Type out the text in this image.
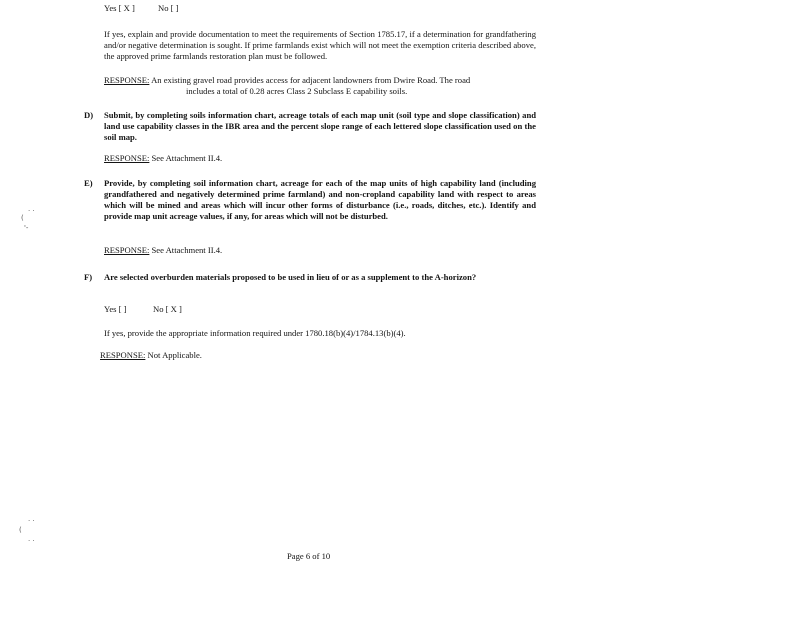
Yes [ X ]	No [ ]
If yes, explain and provide documentation to meet the requirements of Section 1785.17, if a determination for grandfathering and/or negative determination is sought. If prime farmlands exist which will not meet the exemption criteria described above, the approved prime farmlands restoration plan must be followed.
RESPONSE: An existing gravel road provides access for adjacent landowners from Dwire Road. The road
includes a total of 0.28 acres Class 2 Subclass E capability soils.
D) Submit, by completing soils information chart, acreage totals of each map unit (soil type and slope classification) and land use capability classes in the IBR area and the percent slope range of each lettered slope classification used on the soil map.
RESPONSE: See Attachment II.4.
E) Provide, by completing soil information chart, acreage for each of the map units of high capability land (including grandfathered and negatively determined prime farmland) and non-cropland capability land with respect to areas which will be mined and areas which will incur other forms of disturbance (i.e., roads, ditches, etc.). Identify and provide map unit acreage values, if any, for areas which will not be disturbed.
RESPONSE: See Attachment II.4.
F) Are selected overburden materials proposed to be used in lieu of or as a supplement to the A-horizon?
Yes [ ]	No [ X ]
If yes, provide the appropriate information required under 1780.18(b)(4)/1784.13(b)(4).
RESPONSE: Not Applicable.
Page 6 of 10
. .
(
'-
. .
(
. .
